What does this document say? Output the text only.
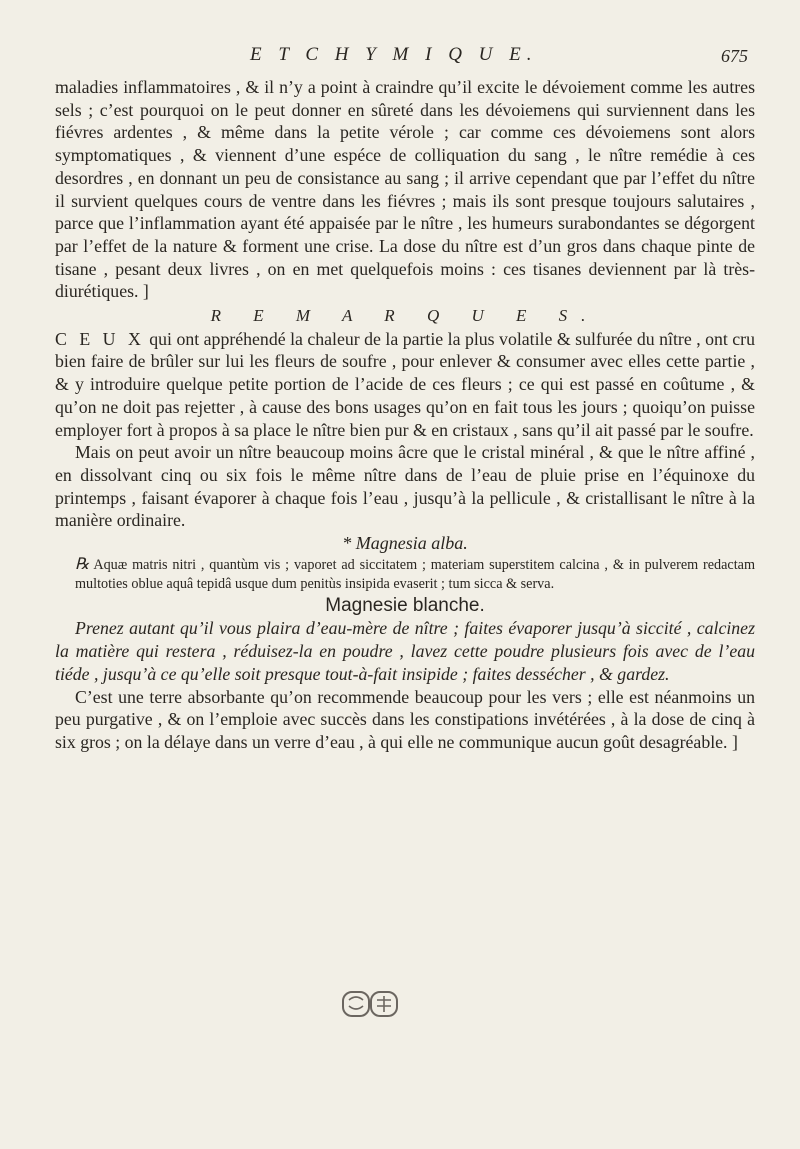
E T C H Y M I Q U E.	675

maladies inflammatoires , & il n’y a point à craindre qu’il excite le dévoiement comme les autres sels ; c’est pourquoi on le peut donner en sûreté dans les dévoiemens qui surviennent dans les fiévres ardentes , & même dans la petite vérole ; car comme ces dévoiemens sont alors symptomatiques , & viennent d’une espéce de colliquation du sang , le nître remédie à ces desordres , en donnant un peu de consistance au sang ; il arrive cependant que par l’effet du nître il survient quelques cours de ventre dans les fiévres ; mais ils sont presque toujours salutaires , parce que l’inflammation ayant été appaisée par le nître , les humeurs surabondantes se dégorgent par l’effet de la nature & forment une crise. La dose du nître est d’un gros dans chaque pinte de tisane , pesant deux livres , on en met quelquefois moins : ces tisanes deviennent par là très-diurétiques. ]

R E M A R Q U E S.

C E U X qui ont appréhendé la chaleur de la partie la plus volatile & sulfurée du nître , ont cru bien faire de brûler sur lui les fleurs de soufre , pour enlever & consumer avec elles cette partie , & y introduire quelque petite portion de l’acide de ces fleurs ; ce qui est passé en coûtume , & qu’on ne doit pas rejetter , à cause des bons usages qu’on en fait tous les jours ; quoiqu’on puisse employer fort à propos à sa place le nître bien pur & en cristaux , sans qu’il ait passé par le soufre.

Mais on peut avoir un nître beaucoup moins âcre que le cristal minéral , & que le nître affiné , en dissolvant cinq ou six fois le même nître dans de l’eau de pluie prise en l’équinoxe du printemps , faisant évaporer à chaque fois l’eau , jusqu’à la pellicule , & cristallisant le nître à la manière ordinaire.

* Magnesia alba.

℞ Aquæ matris nitri , quantùm vis ; vaporet ad siccitatem ; materiam superstitem calcina , & in pulverem redactam multoties oblue aquâ tepidâ usque dum penitùs insipida evaserit ; tum sicca & serva.

Magnesie blanche.

Prenez autant qu’il vous plaira d’eau-mère de nître ; faites évaporer jusqu’à siccité , calcinez la matière qui restera , réduisez-la en poudre , lavez cette poudre plusieurs fois avec de l’eau tiéde , jusqu’à ce qu’elle soit presque tout-à-fait insipide ; faites dessécher , & gardez.

C’est une terre absorbante qu’on recommende beaucoup pour les vers ; elle est néanmoins un peu purgative , & on l’emploie avec succès dans les constipations invétérées , à la dose de cinq à six gros ; on la délaye dans un verre d’eau , à qui elle ne communique aucun goût desagréable. ]
